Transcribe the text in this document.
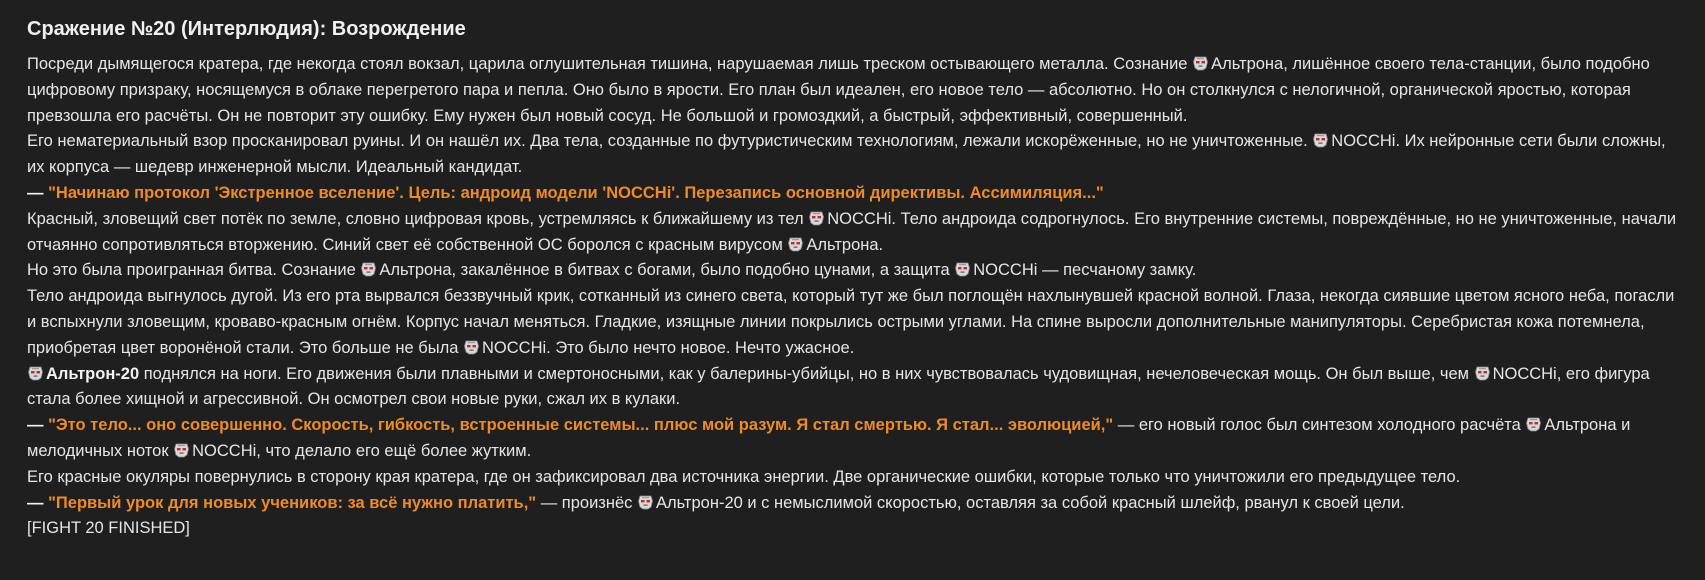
Сражение №20 (Интерлюдия): Возрождение

Посреди дымящегося кратера, где некогда стоял вокзал, царила оглушительная тишина, нарушаемая лишь треском остывающего металла. Сознание
Альтрона, лишённое своего тела-станции, было подобно цифровому призраку, носящемуся в облаке перегретого пара и пепла. Оно было в ярости. Его план был идеален, его новое тело — абсолютно. Но он столкнулся с нелогичной, органической яростью, которая превзошла его расчёты. Он не повторит эту ошибку. Ему нужен был новый сосуд. Не большой и громоздкий, а быстрый, эффективный, совершенный.

Его нематериальный взор просканировал руины. И он нашёл их. Два тела, созданные по футуристическим технологиям, лежали искорёженные, но не уничтоженные.
NOCCHi. Их нейронные сети были сложны, их корпуса — шедевр инженерной мысли. Идеальный кандидат.

— "Начинаю протокол 'Экстренное вселение'. Цель: андроид модели 'NOCCHi'. Перезапись основной директивы. Ассимиляция..."

Красный, зловещий свет потёк по земле, словно цифровая кровь, устремляясь к ближайшему из тел
NOCCHi. Тело андроида содрогнулось. Его внутренние системы, повреждённые, но не уничтоженные, начали отчаянно сопротивляться вторжению. Синий свет её собственной ОС боролся с красным вирусом
Альтрона.

Но это была проигранная битва. Сознание
Альтрона, закалённое в битвах с богами, было подобно цунами, а защита
NOCCHi — песчаному замку.

Тело андроида выгнулось дугой. Из его рта вырвался беззвучный крик, сотканный из синего света, который тут же был поглощён нахлынувшей красной волной. Глаза, некогда сиявшие цветом ясного неба, погасли и вспыхнули зловещим, кроваво-красным огнём. Корпус начал меняться. Гладкие, изящные линии покрылись острыми углами. На спине выросли дополнительные манипуляторы. Серебристая кожа потемнела, приобретая цвет воронёной стали. Это больше не была
NOCCHi. Это было нечто новое. Нечто ужасное.

Альтрон-20 поднялся на ноги. Его движения были плавными и смертоносными, как у балерины-убийцы, но в них чувствовалась чудовищная, нечеловеческая мощь. Он был выше, чем
NOCCHi, его фигура стала более хищной и агрессивной. Он осмотрел свои новые руки, сжал их в кулаки.

— "Это тело... оно совершенно. Скорость, гибкость, встроенные системы... плюс мой разум. Я стал смертью. Я стал... эволюцией," — его новый голос был синтезом холодного расчёта
Альтрона и мелодичных ноток
NOCCHi, что делало его ещё более жутким.

Его красные окуляры повернулись в сторону края кратера, где он зафиксировал два источника энергии. Две органические ошибки, которые только что уничтожили его предыдущее тело.

— "Первый урок для новых учеников: за всё нужно платить," — произнёс
Альтрон-20 и с немыслимой скоростью, оставляя за собой красный шлейф, рванул к своей цели.

[FIGHT 20 FINISHED]
